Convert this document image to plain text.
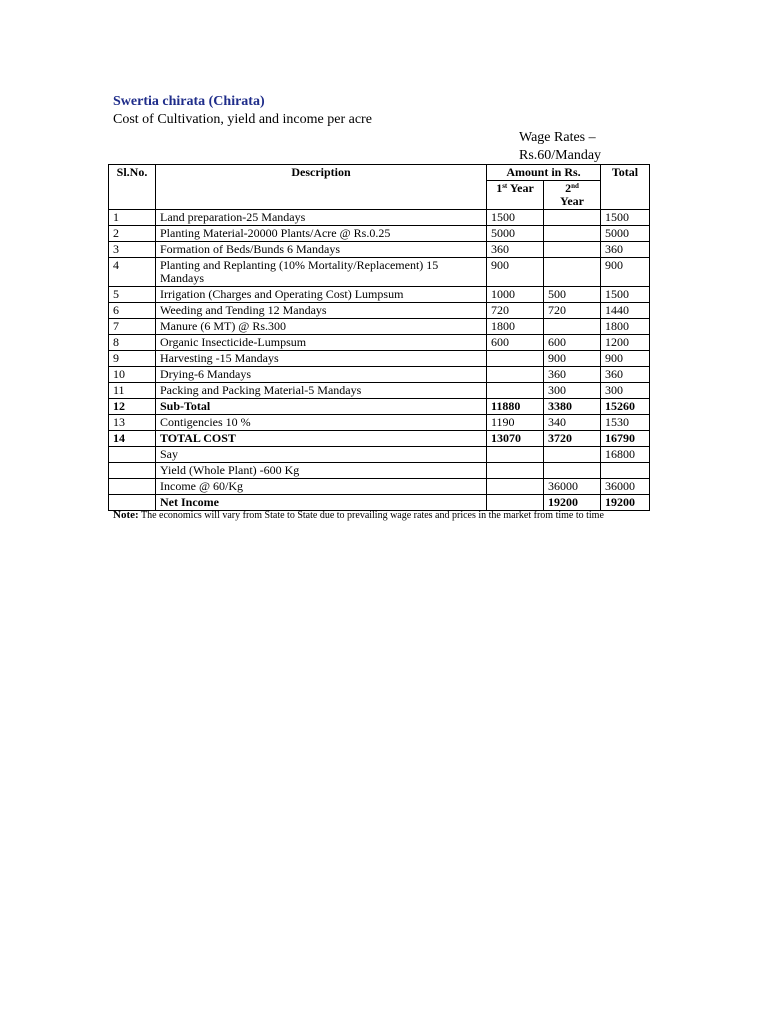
Swertia chirata (Chirata)
Cost of Cultivation, yield and income per acre
Wage Rates –
Rs.60/Manday
Sl.No.	Description	Amount in Rs.		Total
		1st Year	2nd
Year	
1	Land preparation-25 Mandays	1500		1500
2	Planting Material-20000 Plants/Acre @ Rs.0.25	5000		5000
3	Formation of Beds/Bunds 6 Mandays	360		360
4	Planting and Replanting (10% Mortality/Replacement) 15 Mandays	900		900
5	Irrigation (Charges and Operating Cost) Lumpsum	1000	500	1500
6	Weeding and Tending 12 Mandays	720	720	1440
7	Manure (6 MT) @ Rs.300	1800		1800
8	Organic Insecticide-Lumpsum	600	600	1200
9	Harvesting -15 Mandays		900	900
10	Drying-6 Mandays		360	360
11	Packing and Packing Material-5 Mandays		300	300
12	Sub-Total	11880	3380	15260
13	Contigencies 10 %	1190	340	1530
14	TOTAL COST	13070	3720	16790
	Say			16800
	Yield (Whole Plant) -600 Kg			
	Income @ 60/Kg		36000	36000
	Net Income		19200	19200
Note: The economics will vary from State to State due to prevailing wage rates and prices in the market from time to time
